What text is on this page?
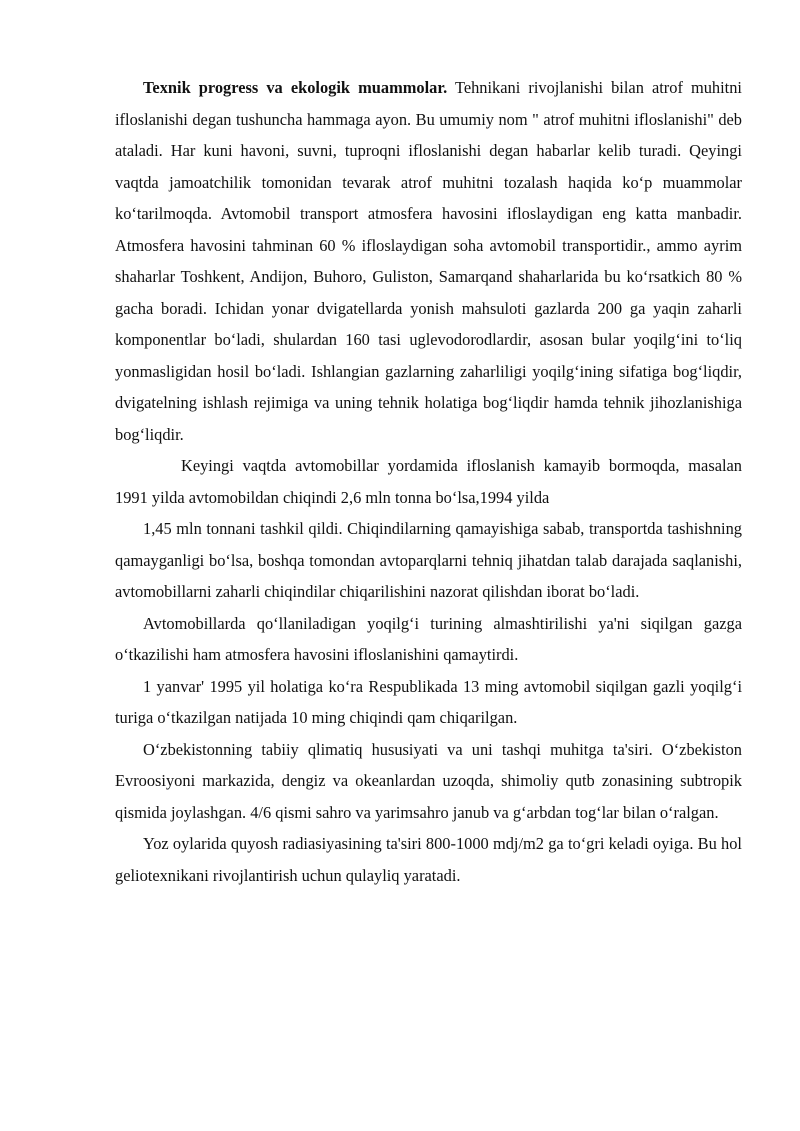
Texnik progress va ekologik muammolar. Tehnikani rivojlanishi bilan atrof muhitni ifloslanishi degan tushuncha hammaga ayon. Bu umumiy nom " atrof muhitni ifloslanishi" deb ataladi. Har kuni havoni, suvni, tuproqni ifloslanishi degan habarlar kelib turadi. Qeyingi vaqtda jamoatchilik tomonidan tevarak atrof muhitni tozalash haqida koʻp muammolar koʻtarilmoqda. Avtomobil transport atmosfera havosini ifloslaydigan eng katta manbadir. Atmosfera havosini tahminan 60 % ifloslaydigan soha avtomobil transportidir., ammo ayrim shaharlar Toshkent, Andijon, Buhoro, Guliston, Samarqand shaharlarida bu koʻrsatkich 80 % gacha boradi. Ichidan yonar dvigatellarda yonish mahsuloti gazlarda 200 ga yaqin zaharli komponentlar boʻladi, shulardan 160 tasi uglevodorodlardir, asosan bular yoqilgʻini toʻliq yonmasligidan hosil boʻladi. Ishlangian gazlarning zaharliligi yoqilgʻining sifatiga bogʻliqdir, dvigatelning ishlash rejimiga va uning tehnik holatiga bogʻliqdir hamda tehnik jihozlanishiga bogʻliqdir.

Keyingi vaqtda avtomobillar yordamida ifloslanish kamayib bormoqda, masalan 1991 yilda avtomobildan chiqindi 2,6 mln tonna boʻlsa,1994 yilda

1,45 mln tonnani tashkil qildi. Chiqindilarning qamayishiga sabab, transportda tashishning qamayganligi boʻlsa, boshqa tomondan avtoparqlarni tehniq jihatdan talab darajada saqlanishi, avtomobillarni zaharli chiqindilar chiqarilishini nazorat qilishdan iborat boʻladi.

Avtomobillarda qoʻllaniladigan yoqilgʻi turining almashtirilishi ya'ni siqilgan gazga oʻtkazilishi ham atmosfera havosini ifloslanishini qamaytirdi.

1 yanvar' 1995 yil holatiga koʻra Respublikada 13 ming avtomobil siqilgan gazli yoqilgʻi turiga oʻtkazilgan natijada 10 ming chiqindi qam chiqarilgan.

Oʻzbekistonning tabiiy qlimatiq hususiyati va uni tashqi muhitga ta'siri. Oʻzbekiston Evroosiyoni markazida, dengiz va okeanlardan uzoqda, shimoliy qutb zonasining subtropik qismida joylashgan. 4/6 qismi sahro va yarimsahro janub va gʻarbdan togʻlar bilan oʻralgan.

Yoz oylarida quyosh radiasiyasining ta'siri 800-1000 mdj/m2 ga toʻgri keladi oyiga. Bu hol geliotexnikani rivojlantirish uchun qulayliq yaratadi.
